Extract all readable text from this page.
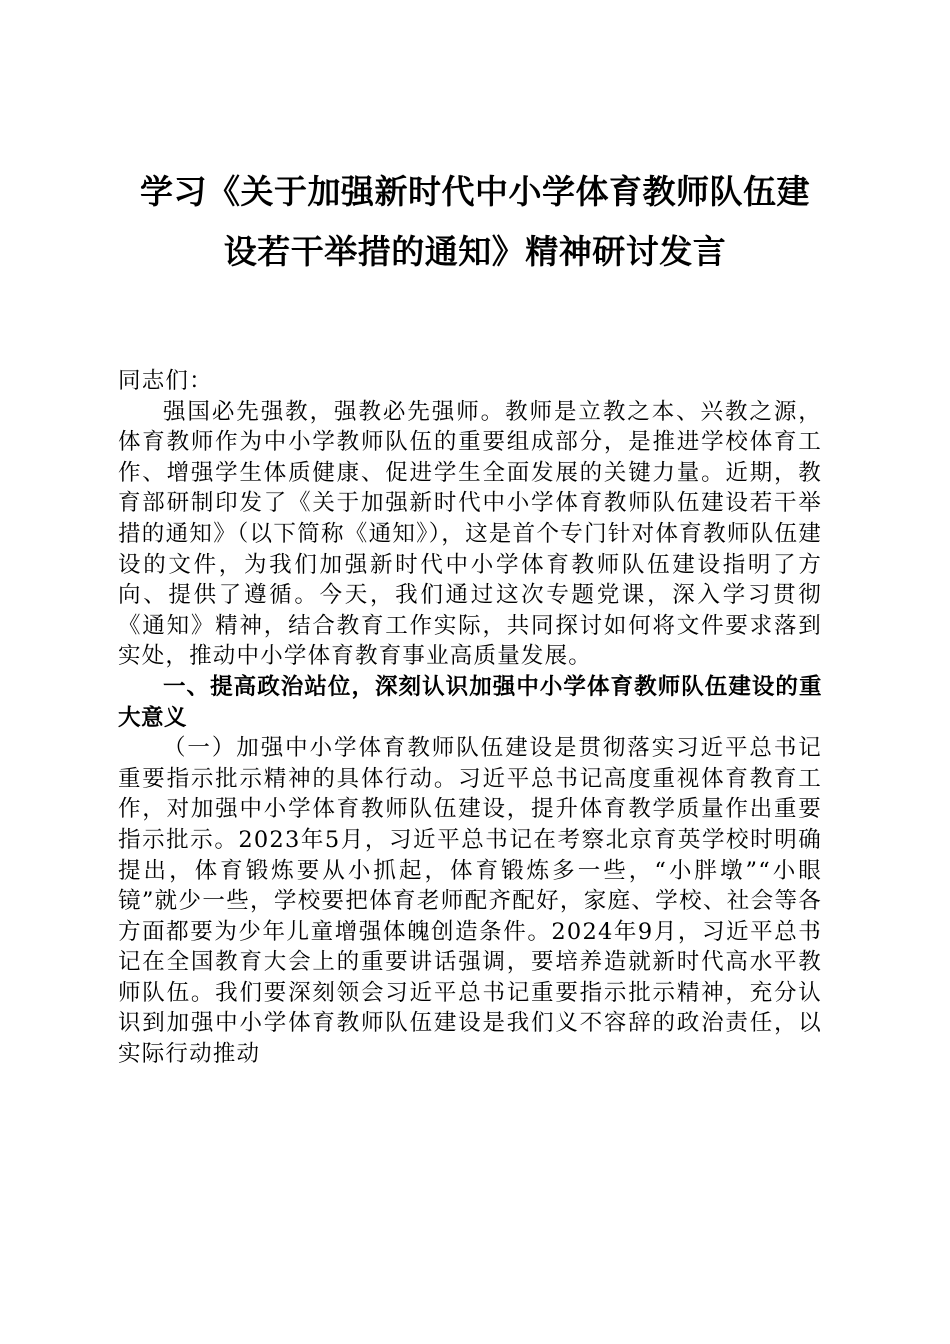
学习《关于加强新时代中小学体育教师队伍建
设若干举措的通知》精神研讨发言

同志们：

强国必先强教，强教必先强师。教师是立教之本、兴教之源，体育教师作为中小学教师队伍的重要组成部分，是推进学校体育工作、增强学生体质健康、促进学生全面发展的关键力量。近期，教育部研制印发了《关于加强新时代中小学体育教师队伍建设若干举措的通知》（以下简称《通知》），这是首个专门针对体育教师队伍建设的文件，为我们加强新时代中小学体育教师队伍建设指明了方向、提供了遵循。今天，我们通过这次专题党课，深入学习贯彻《通知》精神，结合教育工作实际，共同探讨如何将文件要求落到实处，推动中小学体育教育事业高质量发展。

一、提高政治站位，深刻认识加强中小学体育教师队伍建设的重大意义

（一）加强中小学体育教师队伍建设是贯彻落实习近平总书记重要指示批示精神的具体行动。习近平总书记高度重视体育教育工作，对加强中小学体育教师队伍建设，提升体育教学质量作出重要指示批示。2023年5月，习近平总书记在考察北京育英学校时明确提出，体育锻炼要从小抓起，体育锻炼多一些，“小胖墩”“小眼镜”就少一些，学校要把体育老师配齐配好，家庭、学校、社会等各方面都要为少年儿童增强体魄创造条件。2024年9月，习近平总书记在全国教育大会上的重要讲话强调，要培养造就新时代高水平教师队伍。我们要深刻领会习近平总书记重要指示批示精神，充分认识到加强中小学体育教师队伍建设是我们义不容辞的政治责任，以实际行动推动
